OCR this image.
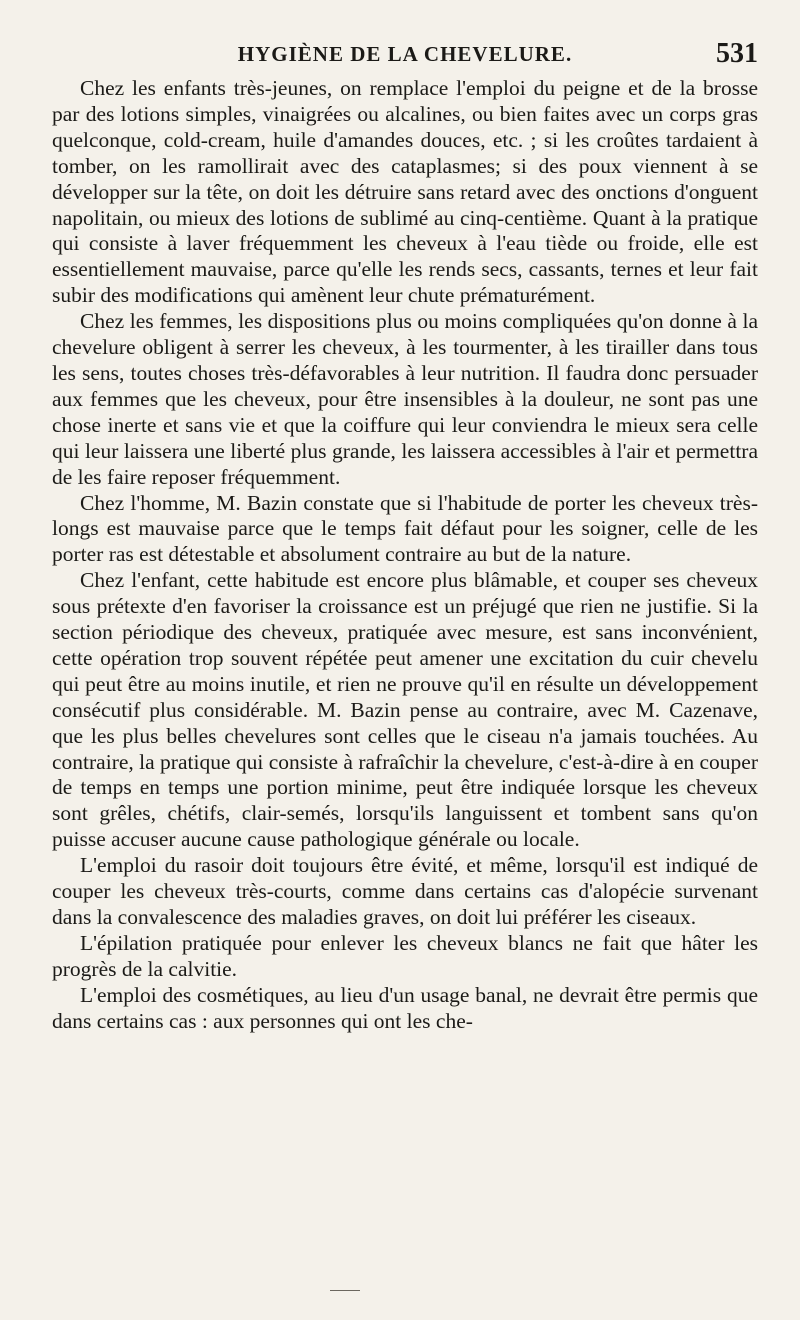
HYGIÈNE DE LA CHEVELURE.	531

Chez les enfants très-jeunes, on remplace l'emploi du peigne et de la brosse par des lotions simples, vinaigrées ou alcalines, ou bien faites avec un corps gras quelconque, cold-cream, huile d'amandes douces, etc. ; si les croûtes tardaient à tomber, on les ramollirait avec des cataplasmes; si des poux viennent à se développer sur la tête, on doit les détruire sans retard avec des onctions d'onguent napolitain, ou mieux des lotions de sublimé au cinq-centième. Quant à la pratique qui consiste à laver fréquemment les cheveux à l'eau tiède ou froide, elle est essentiellement mauvaise, parce qu'elle les rends secs, cassants, ternes et leur fait subir des modifications qui amènent leur chute prématurément.

Chez les femmes, les dispositions plus ou moins compliquées qu'on donne à la chevelure obligent à serrer les cheveux, à les tourmenter, à les tirailler dans tous les sens, toutes choses très-défavorables à leur nutrition. Il faudra donc persuader aux femmes que les cheveux, pour être insensibles à la douleur, ne sont pas une chose inerte et sans vie et que la coiffure qui leur conviendra le mieux sera celle qui leur laissera une liberté plus grande, les laissera accessibles à l'air et permettra de les faire reposer fréquemment.

Chez l'homme, M. Bazin constate que si l'habitude de porter les cheveux très-longs est mauvaise parce que le temps fait défaut pour les soigner, celle de les porter ras est détestable et absolument contraire au but de la nature.

Chez l'enfant, cette habitude est encore plus blâmable, et couper ses cheveux sous prétexte d'en favoriser la croissance est un préjugé que rien ne justifie. Si la section périodique des cheveux, pratiquée avec mesure, est sans inconvénient, cette opération trop souvent répétée peut amener une excitation du cuir chevelu qui peut être au moins inutile, et rien ne prouve qu'il en résulte un développement consécutif plus considérable. M. Bazin pense au contraire, avec M. Cazenave, que les plus belles chevelures sont celles que le ciseau n'a jamais touchées. Au contraire, la pratique qui consiste à rafraîchir la chevelure, c'est-à-dire à en couper de temps en temps une portion minime, peut être indiquée lorsque les cheveux sont grêles, chétifs, clair-semés, lorsqu'ils languissent et tombent sans qu'on puisse accuser aucune cause pathologique générale ou locale.

L'emploi du rasoir doit toujours être évité, et même, lorsqu'il est indiqué de couper les cheveux très-courts, comme dans certains cas d'alopécie survenant dans la convalescence des maladies graves, on doit lui préférer les ciseaux.

L'épilation pratiquée pour enlever les cheveux blancs ne fait que hâter les progrès de la calvitie.

L'emploi des cosmétiques, au lieu d'un usage banal, ne devrait être permis que dans certains cas : aux personnes qui ont les che-
